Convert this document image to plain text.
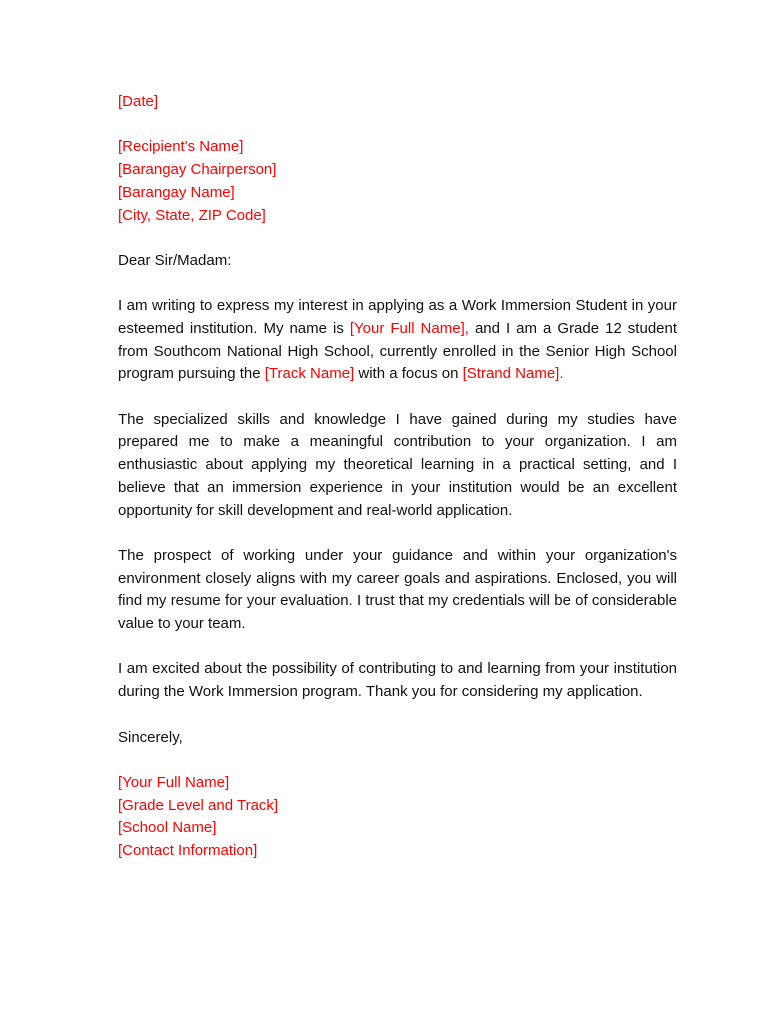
[Date]
[Recipient's Name]
[Barangay Chairperson]
[Barangay Name]
[City, State, ZIP Code]
Dear Sir/Madam:
I am writing to express my interest in applying as a Work Immersion Student in your
esteemed institution. My name is [Your Full Name], and I am a Grade 12 student
from Southcom National High School, currently enrolled in the Senior High School
program pursuing the [Track Name] with a focus on [Strand Name].
The specialized skills and knowledge I have gained during my studies have
prepared me to make a meaningful contribution to your organization. I am
enthusiastic about applying my theoretical learning in a practical setting, and I
believe that an immersion experience in your institution would be an excellent
opportunity for skill development and real-world application.
The prospect of working under your guidance and within your organization's
environment closely aligns with my career goals and aspirations. Enclosed, you will
find my resume for your evaluation. I trust that my credentials will be of considerable
value to your team.
I am excited about the possibility of contributing to and learning from your institution
during the Work Immersion program. Thank you for considering my application.
Sincerely,
[Your Full Name]
[Grade Level and Track]
[School Name]
[Contact Information]
